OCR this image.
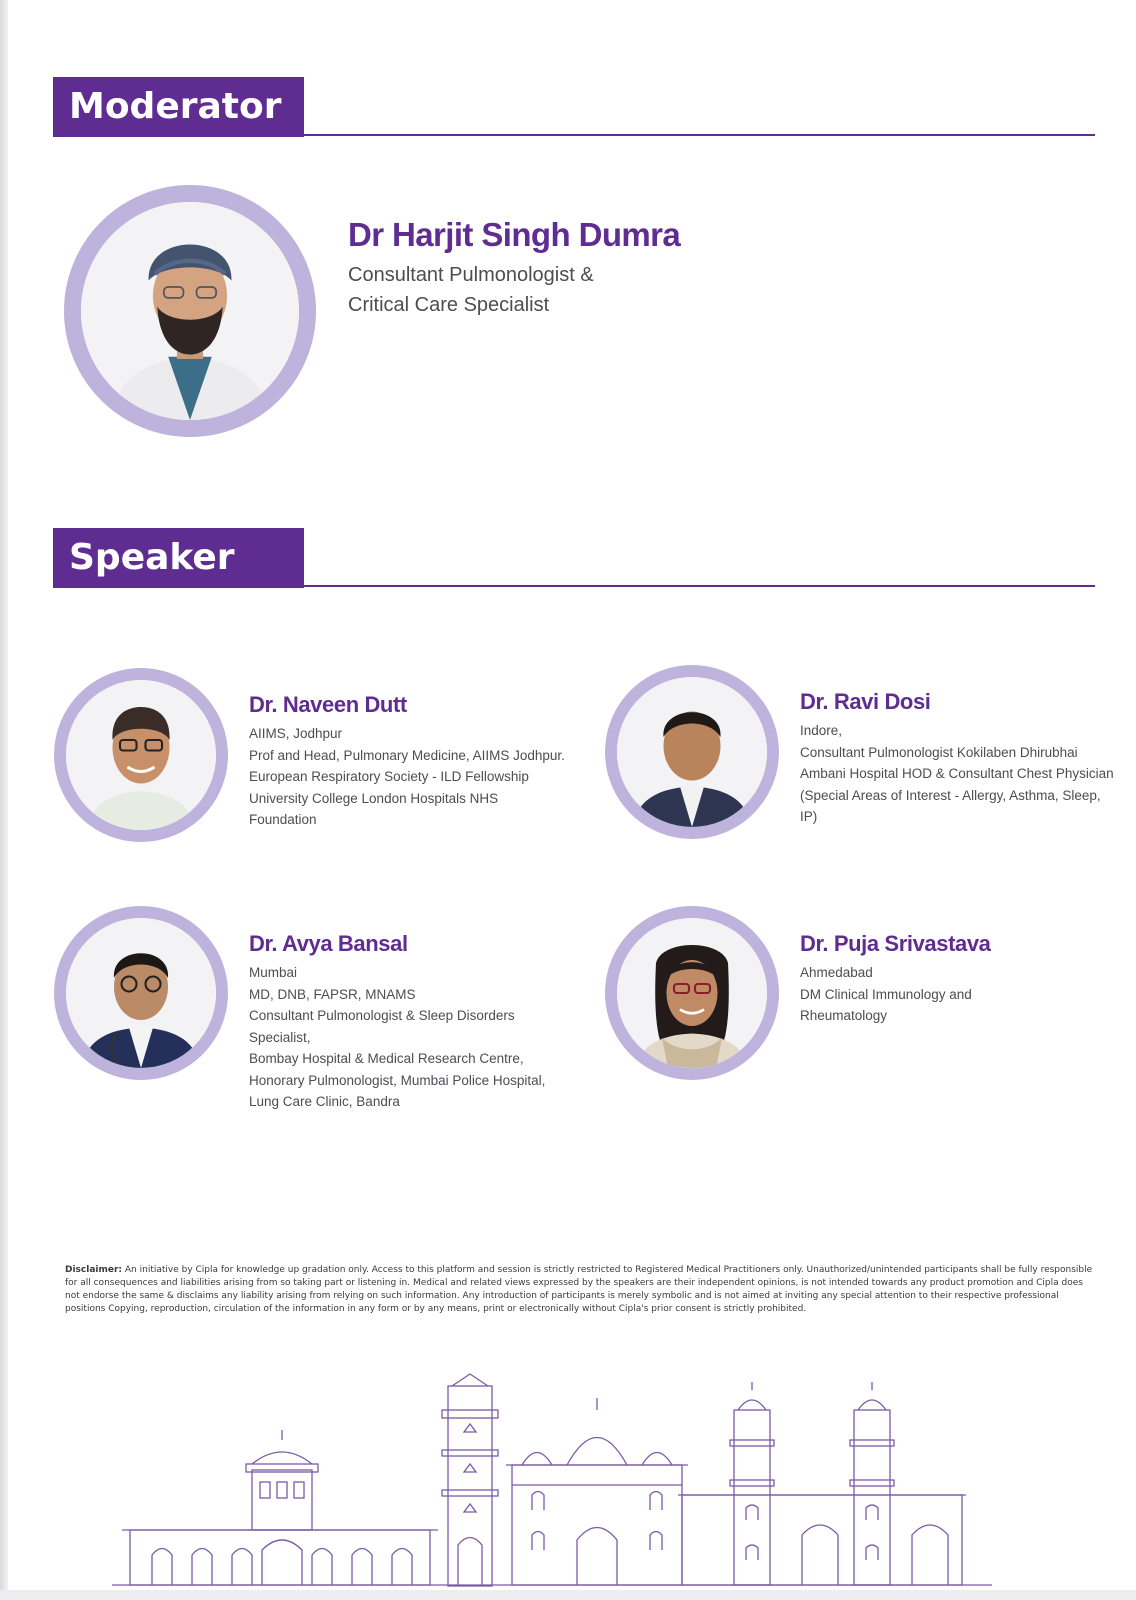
Moderator
Dr Harjit Singh Dumra
Consultant Pulmonologist &
Critical Care Specialist
Speaker
Dr. Naveen Dutt
AIIMS, Jodhpur
Prof and Head, Pulmonary Medicine, AIIMS Jodhpur.
European Respiratory Society - ILD Fellowship
University College London Hospitals NHS
Foundation
Dr. Ravi Dosi
Indore,
Consultant Pulmonologist Kokilaben Dhirubhai
Ambani Hospital HOD & Consultant Chest Physician
(Special Areas of Interest - Allergy, Asthma, Sleep,
IP)
Dr. Avya Bansal
Mumbai
MD, DNB, FAPSR, MNAMS
Consultant Pulmonologist & Sleep Disorders
Specialist,
Bombay Hospital & Medical Research Centre,
Honorary Pulmonologist, Mumbai Police Hospital,
Lung Care Clinic, Bandra
Dr. Puja Srivastava
Ahmedabad
DM Clinical Immunology and
Rheumatology
Disclaimer: An initiative by Cipla for knowledge up gradation only. Access to this platform and session is strictly restricted to Registered Medical Practitioners only. Unauthorized/unintended participants shall be fully responsible for all consequences and liabilities arising from so taking part or listening in. Medical and related views expressed by the speakers are their independent opinions, is not intended towards any product promotion and Cipla does not endorse the same & disclaims any liability arising from relying on such information. Any introduction of participants is merely symbolic and is not aimed at inviting any special attention to their respective professional positions Copying, reproduction, circulation of the information in any form or by any means, print or electronically without Cipla's prior consent is strictly prohibited.
